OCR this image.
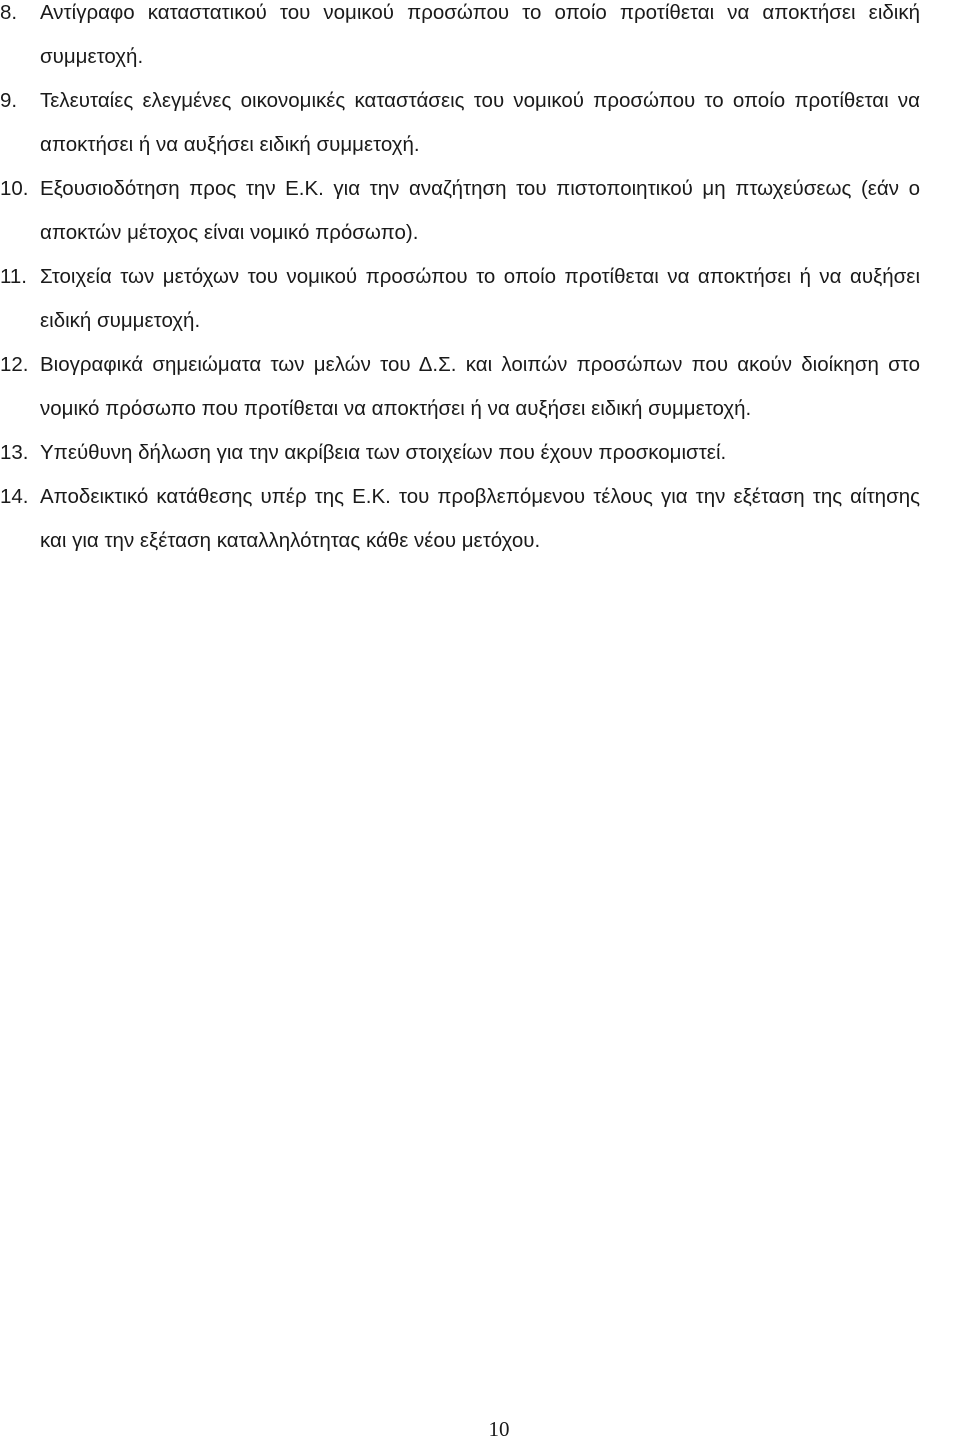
8. Αντίγραφο καταστατικού του νομικού προσώπου το οποίο προτίθεται να αποκτήσει ειδική συμμετοχή.
9. Τελευταίες ελεγμένες οικονομικές καταστάσεις του νομικού προσώπου το οποίο προτίθεται να αποκτήσει ή να αυξήσει ειδική συμμετοχή.
10. Εξουσιοδότηση προς την Ε.Κ. για την αναζήτηση του πιστοποιητικού μη πτωχεύσεως (εάν ο αποκτών μέτοχος είναι νομικό πρόσωπο).
11. Στοιχεία των μετόχων του νομικού προσώπου το οποίο προτίθεται να αποκτήσει ή να αυξήσει ειδική συμμετοχή.
12. Βιογραφικά σημειώματα των μελών του Δ.Σ. και λοιπών προσώπων που ακούν διοίκηση στο νομικό πρόσωπο που προτίθεται να αποκτήσει ή να αυξήσει ειδική συμμετοχή.
13. Υπεύθυνη δήλωση για την ακρίβεια των στοιχείων που έχουν προσκομιστεί.
14. Αποδεικτικό κατάθεσης υπέρ της Ε.Κ. του προβλεπόμενου τέλους για την εξέταση της αίτησης και για την εξέταση καταλληλότητας κάθε νέου μετόχου.
10
